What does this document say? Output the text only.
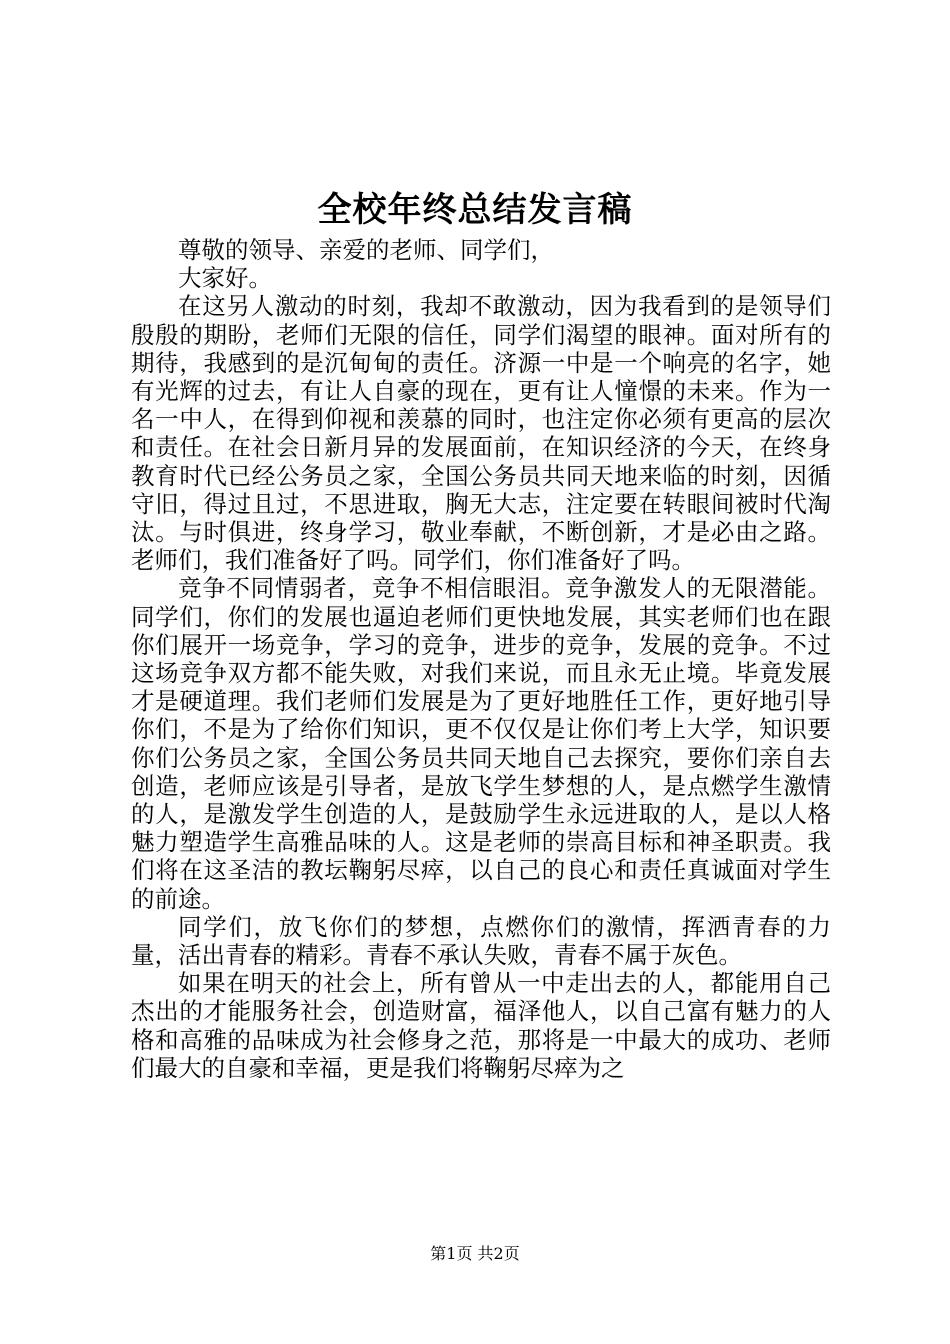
全校年终总结发言稿

尊敬的领导、亲爱的老师、同学们，

大家好。

在这另人激动的时刻，我却不敢激动，因为我看到的是领导们殷殷的期盼，老师们无限的信任，同学们渴望的眼神。面对所有的期待，我感到的是沉甸甸的责任。济源一中是一个响亮的名字，她有光辉的过去，有让人自豪的现在，更有让人憧憬的未来。作为一名一中人，在得到仰视和羡慕的同时，也注定你必须有更高的层次和责任。在社会日新月异的发展面前，在知识经济的今天，在终身教育时代已经公务员之家，全国公务员共同天地来临的时刻，因循守旧，得过且过，不思进取，胸无大志，注定要在转眼间被时代淘汰。与时俱进，终身学习，敬业奉献，不断创新，才是必由之路。老师们，我们准备好了吗。同学们，你们准备好了吗。

竞争不同情弱者，竞争不相信眼泪。竞争激发人的无限潜能。同学们，你们的发展也逼迫老师们更快地发展，其实老师们也在跟你们展开一场竞争，学习的竞争，进步的竞争，发展的竞争。不过这场竞争双方都不能失败，对我们来说，而且永无止境。毕竟发展才是硬道理。我们老师们发展是为了更好地胜任工作，更好地引导你们，不是为了给你们知识，更不仅仅是让你们考上大学，知识要你们公务员之家，全国公务员共同天地自己去探究，要你们亲自去创造，老师应该是引导者，是放飞学生梦想的人，是点燃学生激情的人，是激发学生创造的人，是鼓励学生永远进取的人，是以人格魅力塑造学生高雅品味的人。这是老师的崇高目标和神圣职责。我们将在这圣洁的教坛鞠躬尽瘁，以自己的良心和责任真诚面对学生的前途。

同学们，放飞你们的梦想，点燃你们的激情，挥洒青春的力量，活出青春的精彩。青春不承认失败，青春不属于灰色。

如果在明天的社会上，所有曾从一中走出去的人，都能用自己杰出的才能服务社会，创造财富，福泽他人，以自己富有魅力的人格和高雅的品味成为社会修身之范，那将是一中最大的成功、老师们最大的自豪和幸福，更是我们将鞠躬尽瘁为之

第1页 共2页
